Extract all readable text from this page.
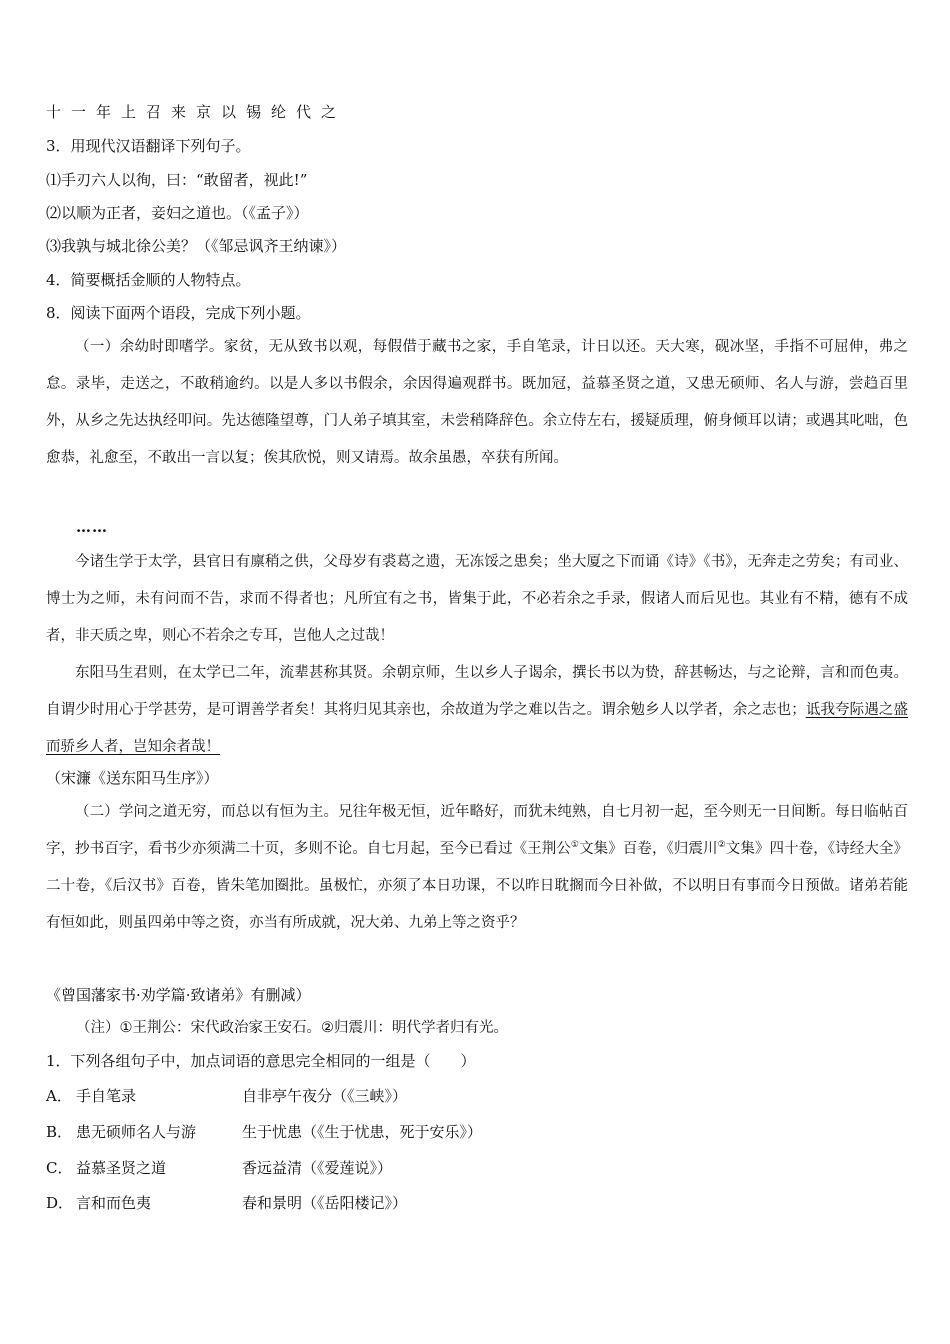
十一年上召来京以锡纶代之
3．用现代汉语翻译下列句子。
⑴手刃六人以徇，曰：“敢留者，视此!”
⑵以顺为正者，妾妇之道也。（《孟子》）
⑶我孰与城北徐公美？（《邹忌讽齐王纳谏》）
4．简要概括金顺的人物特点。
8．阅读下面两个语段，完成下列小题。
（一）余幼时即嗜学。家贫，无从致书以观，每假借于藏书之家，手自笔录，计日以还。天大寒，砚冰坚，手指不可屈伸，弗之怠。录毕，走送之，不敢稍逾约。以是人多以书假余，余因得遍观群书。既加冠，益慕圣贤之道，又患无硕师、名人与游，尝趋百里外，从乡之先达执经叩问。先达德隆望尊，门人弟子填其室，未尝稍降辞色。余立侍左右，援疑质理，俯身倾耳以请；或遇其叱咄，色愈恭，礼愈至，不敢出一言以复；俟其欣悦，则又请焉。故余虽愚，卒获有所闻。
……
今诸生学于太学，县官日有廪稍之供，父母岁有裘葛之遗，无冻馁之患矣；坐大厦之下而诵《诗》《书》，无奔走之劳矣；有司业、博士为之师，未有问而不告，求而不得者也；凡所宜有之书，皆集于此，不必若余之手录，假诸人而后见也。其业有不精，德有不成者，非天质之卑，则心不若余之专耳，岂他人之过哉！
东阳马生君则，在太学已二年，流辈甚称其贤。余朝京师，生以乡人子谒余，撰长书以为贽，辞甚畅达，与之论辩，言和而色夷。自谓少时用心于学甚劳，是可谓善学者矣！其将归见其亲也，余故道为学之难以告之。谓余勉乡人以学者，余之志也；诋我夸际遇之盛而骄乡人者，岂知余者哉！
（宋濂《送东阳马生序》）
（二）学问之道无穷，而总以有恒为主。兄往年极无恒，近年略好，而犹未纯熟，自七月初一起，至今则无一日间断。每日临帖百字，抄书百字，看书少亦须满二十页，多则不论。自七月起，至今已看过《王荆公①文集》百卷，《归震川②文集》四十卷，《诗经大全》二十卷，《后汉书》百卷，皆朱笔加圈批。虽极忙，亦须了本日功课，不以昨日耽搁而今日补做，不以明日有事而今日预做。诸弟若能有恒如此，则虽四弟中等之资，亦当有所成就，况大弟、九弟上等之资乎？
《曾国藩家书·劝学篇·致诸弟》有删减）
（注）①王荆公：宋代政治家王安石。②归震川：明代学者归有光。
1．下列各组句子中，加点词语的意思完全相同的一组是（　　）
A． 手自笔录	自非亭午夜分（《三峡》）
B． 患无硕师名人与游	生于忧患（《生于忧患，死于安乐》）
C． 益慕圣贤之道	香远益清（《爱莲说》）
D． 言和而色夷	春和景明（《岳阳楼记》）
